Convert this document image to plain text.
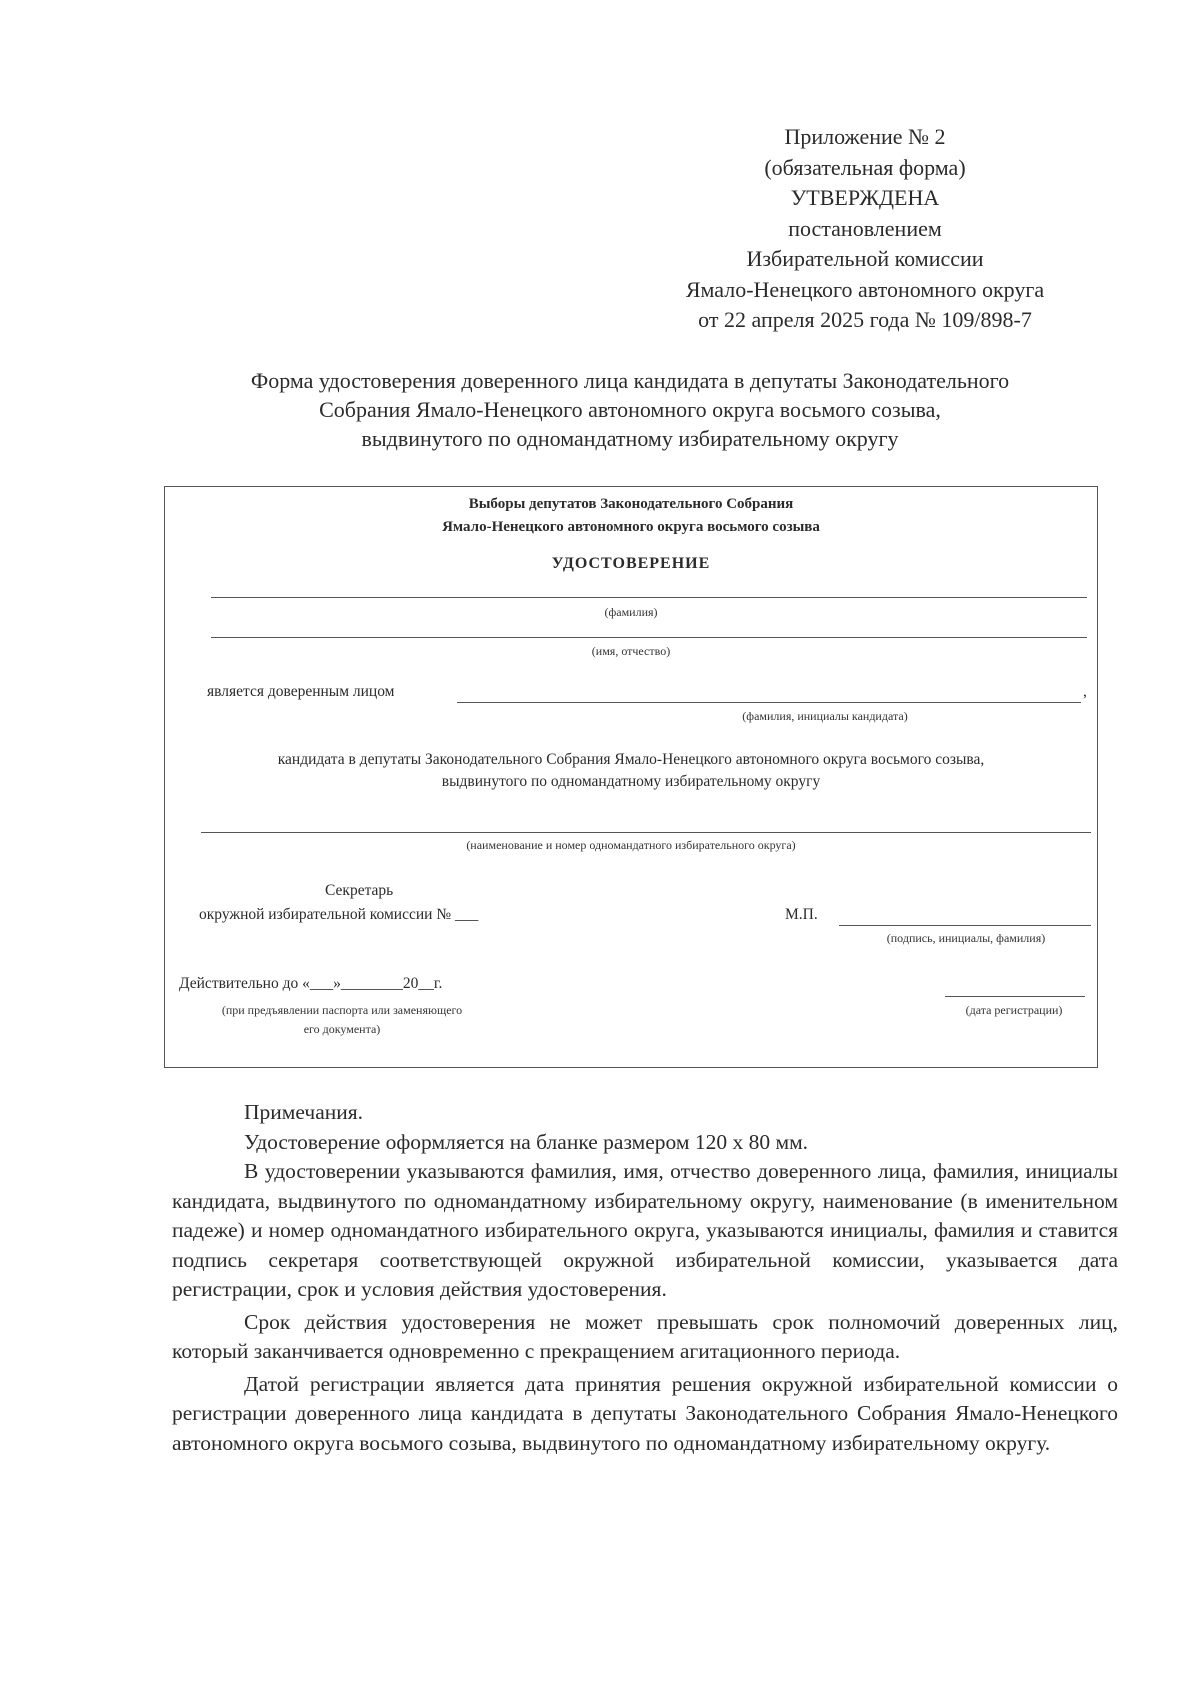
Приложение № 2
(обязательная форма)
УТВЕРЖДЕНА
постановлением
Избирательной комиссии
Ямало-Ненецкого автономного округа
от 22 апреля 2025 года № 109/898-7
Форма удостоверения доверенного лица кандидата в депутаты Законодательного
Собрания Ямало-Ненецкого автономного округа восьмого созыва,
выдвинутого по одномандатному избирательному округу
Выборы депутатов Законодательного Собрания
Ямало-Ненецкого автономного округа восьмого созыва
УДОСТОВЕРЕНИЕ
(фамилия)
(имя, отчество)
является доверенным лицом	,
(фамилия, инициалы кандидата)
кандидата в депутаты Законодательного Собрания Ямало-Ненецкого автономного округа восьмого созыва,
выдвинутого по одномандатному избирательному округу
(наименование и номер одномандатного избирательного округа)
Секретарь
окружной избирательной комиссии № ___	М.П.
(подпись, инициалы, фамилия)
Действительно до «___»________20__г.
(при предъявлении паспорта или заменяющего
его документа)
(дата регистрации)

Примечания.

Удостоверение оформляется на бланке размером 120 х 80 мм.

В удостоверении указываются фамилия, имя, отчество доверенного лица, фамилия, инициалы кандидата, выдвинутого по одномандатному избирательному округу, наименование (в именительном падеже) и номер одномандатного избирательного округа, указываются инициалы, фамилия и ставится подпись секретаря соответствующей окружной избирательной комиссии, указывается дата регистрации, срок и условия действия удостоверения.

Срок действия удостоверения не может превышать срок полномочий доверенных лиц, который заканчивается одновременно с прекращением агитационного периода.

Датой регистрации является дата принятия решения окружной избирательной комиссии о регистрации доверенного лица кандидата в депутаты Законодательного Собрания Ямало-Ненецкого автономного округа восьмого созыва, выдвинутого по одномандатному избирательному округу.
